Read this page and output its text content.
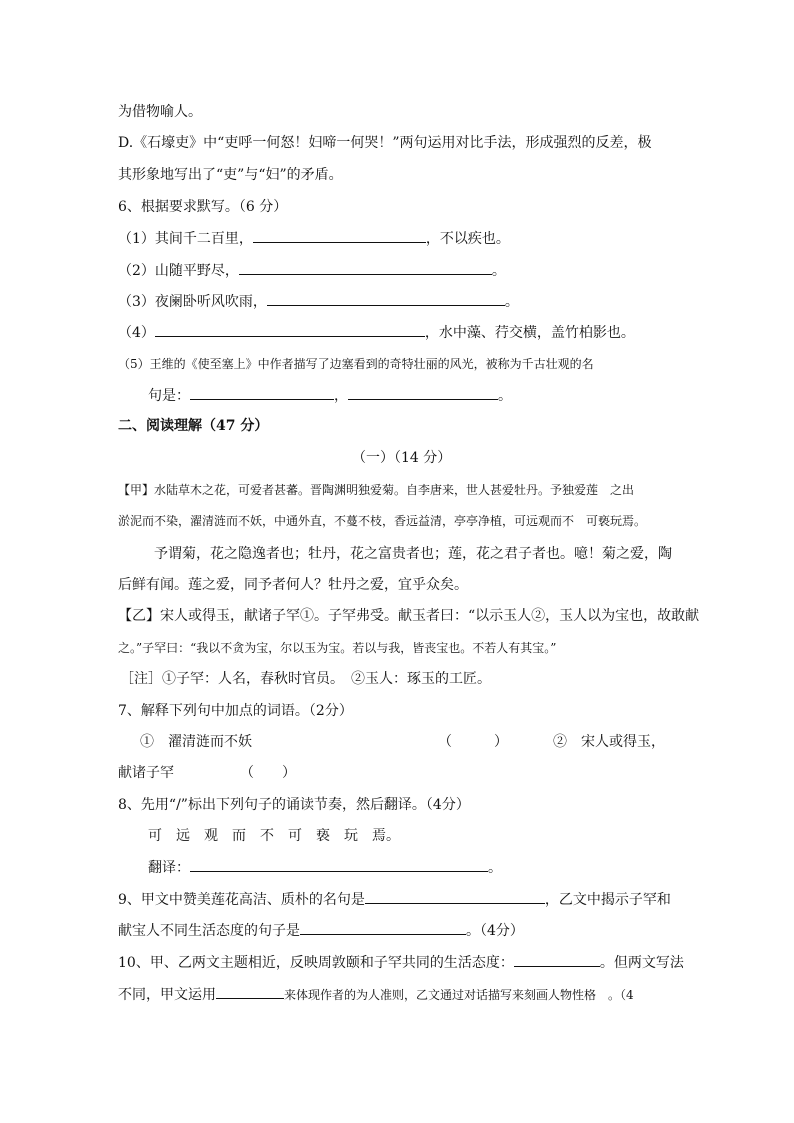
为借物喻人。
D.《石壕吏》中“吏呼一何怒！妇啼一何哭！”两句运用对比手法，形成强烈的反差，极
其形象地写出了“吏”与“妇”的矛盾。
6、根据要求默写。（6 分）
（1）其间千二百里，	，不以疾也。
（2）山随平野尽，	。
（3）夜阑卧听风吹雨，	。
（4）	，水中藻、荇交横，盖竹柏影也。
（5）王维的《使至塞上》中作者描写了边塞看到的奇特壮丽的风光，被称为千古壮观的名
句是：	，	。
二、阅读理解（47 分）
（一）（14 分）
【甲】水陆草木之花，可爱者甚蕃。晋陶渊明独爱菊。自李唐来，世人甚爱牡丹。予独爱莲　之出
淤泥而不染，濯清涟而不妖，中通外直，不蔓不枝，香远益清，亭亭净植，可远观而不　可亵玩焉。
予谓菊，花之隐逸者也；牡丹，花之富贵者也；莲，花之君子者也。噫！菊之爱，陶
后鲜有闻。莲之爱，同予者何人？牡丹之爱，宜乎众矣。
【乙】宋人或得玉，献诸子罕①。子罕弗受。献玉者曰：“以示玉人②，玉人以为宝也，故敢献
之。”子罕曰：“我以不贪为宝，尔以玉为宝。若以与我，皆丧宝也。不若人有其宝。”
［注］①子罕：人名，春秋时官员。　②玉人：琢玉的工匠。
7、解释下列句中加点的词语。（2分）
①　濯清涟而不妖	（　　　）	②　宋人或得玉，
献诸子罕	（　　）
8、先用“/”标出下列句子的诵读节奏，然后翻译。（4分）
可　远　观　而　不　可　亵　玩　焉。
翻译：	。
9、甲文中赞美莲花高洁、质朴的名句是	，乙文中揭示子罕和
献宝人不同生活态度的句子是	。（4分）
10、甲、乙两文主题相近，反映周敦颐和子罕共同的生活态度：	。但两文写法
不同，甲文运用	来体现作者的为人准则，乙文通过对话描写来刻画人物性格　。（4
